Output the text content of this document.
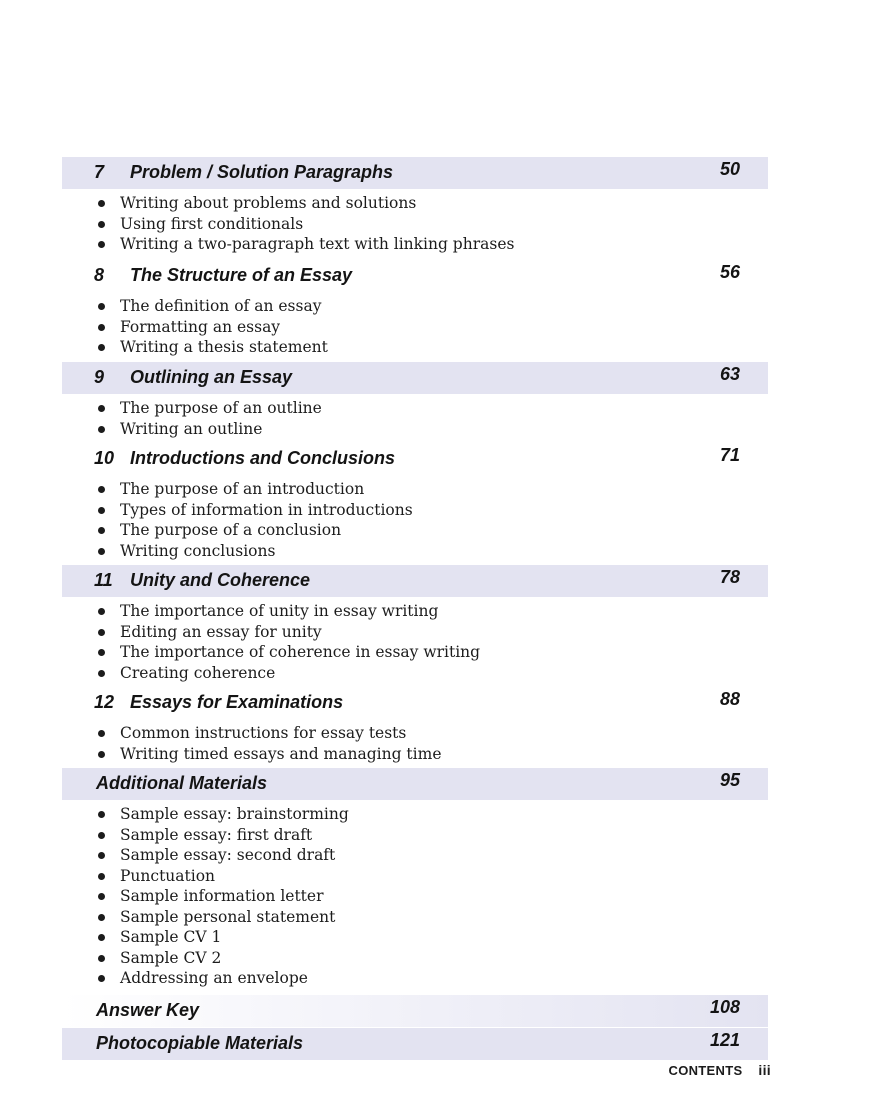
7 Problem / Solution Paragraphs	50
Writing about problems and solutions
Using first conditionals
Writing a two-paragraph text with linking phrases
8 The Structure of an Essay	56
The definition of an essay
Formatting an essay
Writing a thesis statement
9 Outlining an Essay	63
The purpose of an outline
Writing an outline
10 Introductions and Conclusions	71
The purpose of an introduction
Types of information in introductions
The purpose of a conclusion
Writing conclusions
11 Unity and Coherence	78
The importance of unity in essay writing
Editing an essay for unity
The importance of coherence in essay writing
Creating coherence
12 Essays for Examinations	88
Common instructions for essay tests
Writing timed essays and managing time
Additional Materials	95
Sample essay: brainstorming
Sample essay: first draft
Sample essay: second draft
Punctuation
Sample information letter
Sample personal statement
Sample CV 1
Sample CV 2
Addressing an envelope
Answer Key	108
Photocopiable Materials	121
CONTENTS iii
